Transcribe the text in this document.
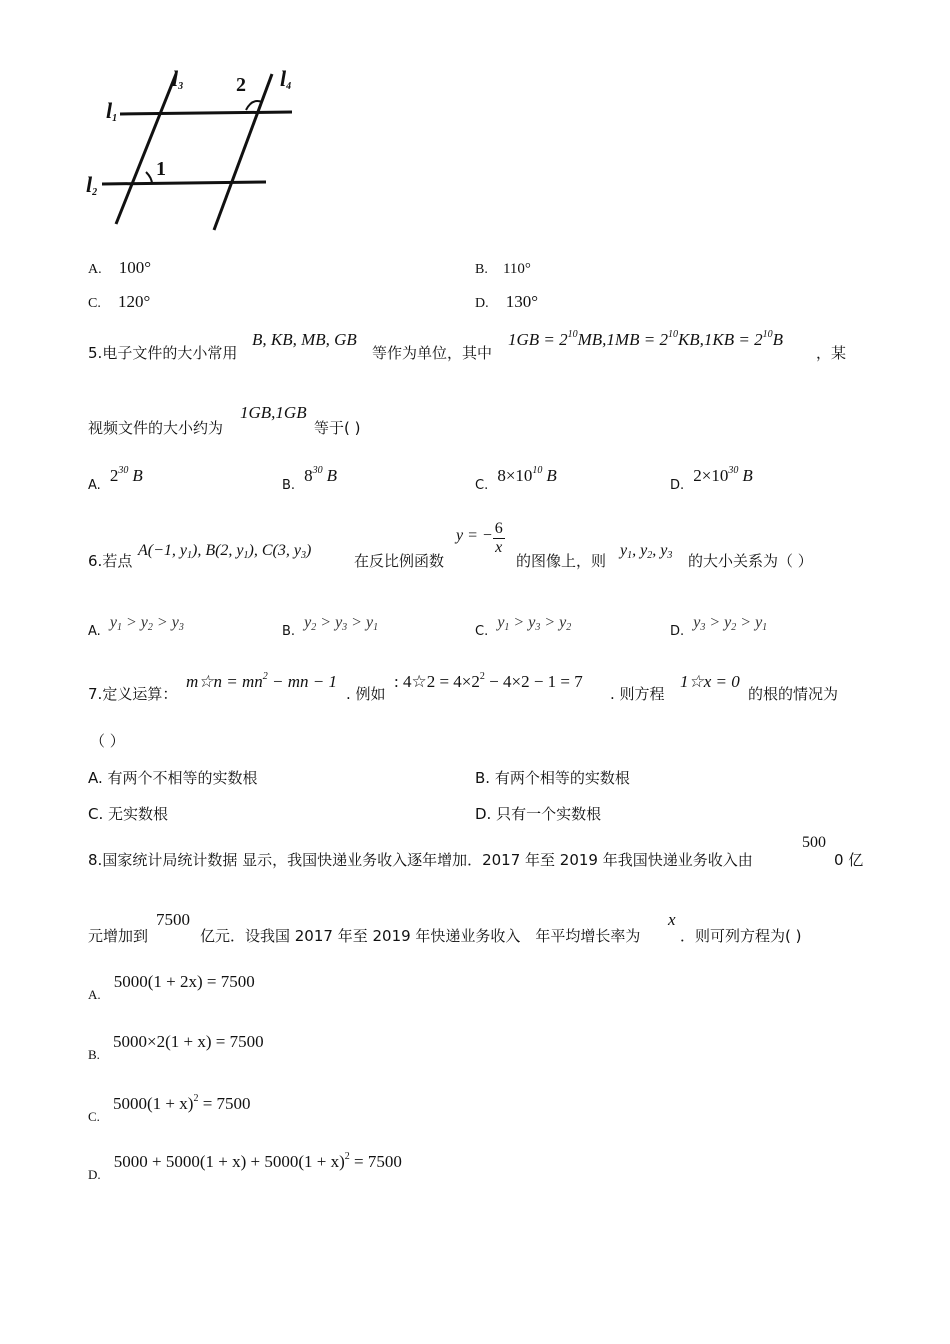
$l_1$
$l_2$
$l_3$	$l_4$
1
2
A. 100°	B. 110°
C. 120°	D. 130°
5.电子文件的大小常用
B, KB, MB, GB
等作为单位，其中
$1GB = 2^{10}MB,1MB = 2^{10}KB,1KB = 2^{10}B$
，某
视频文件的大小约为
1GB,1GB
等于( )
$_{A.}$ $2^{30}$ B
$_{B.}$ $8^{30}$ B
$_{C.}$ $8\times 10^{10}$ B
$_{D.}$ $2\times 10^{30}$ B
6.若点
A(−1, $y_1$), B(2, $y_1$), C(3, $y_3$)
在反比例函数
y = − $\frac{6}{x}$
的图像上，则
$y_1$, $y_2$, $y_3$ 的大小关系为（ ）
$_{A.}$ $y_1 > y_2 > y_3$	$_{B.}$ $y_2 > y_3 > y_1$	$_{C.}$ $y_1 > y_3 > y_2$	$_{D.}$ $y_3 > y_2 > y_1$
7.定义运算：
m☆n = $mn^2$ − mn − 1
. 例如
: 4☆2 = $4\times 2^2 - 4\times 2 - 1 = 7$
. 则方程
1☆x = 0
的根的情况为
（ ）
A. 有两个不相等的实数根	B. 有两个相等的实数根
C. 无实数根	D. 只有一个实数根
8.国家统计局统计数据 显示，我国快递业务收入逐年增加．2017 年至 2019 年我国快递业务收入由
500
0 亿
元增加到
7500
亿元．设我国 2017 年至 2019 年快递业务收入　年平均增长率为
x
．则可列方程为( )
$_{A.}$ 5000(1 + 2x) = 7500
$_{B.}$ 5000×2(1 + x) = 7500
$_{C.}$ $5000(1 + x)^2 = 7500$
$_{D.}$ $5000 + 5000(1 + x) + 5000(1 + x)^2 = 7500$
